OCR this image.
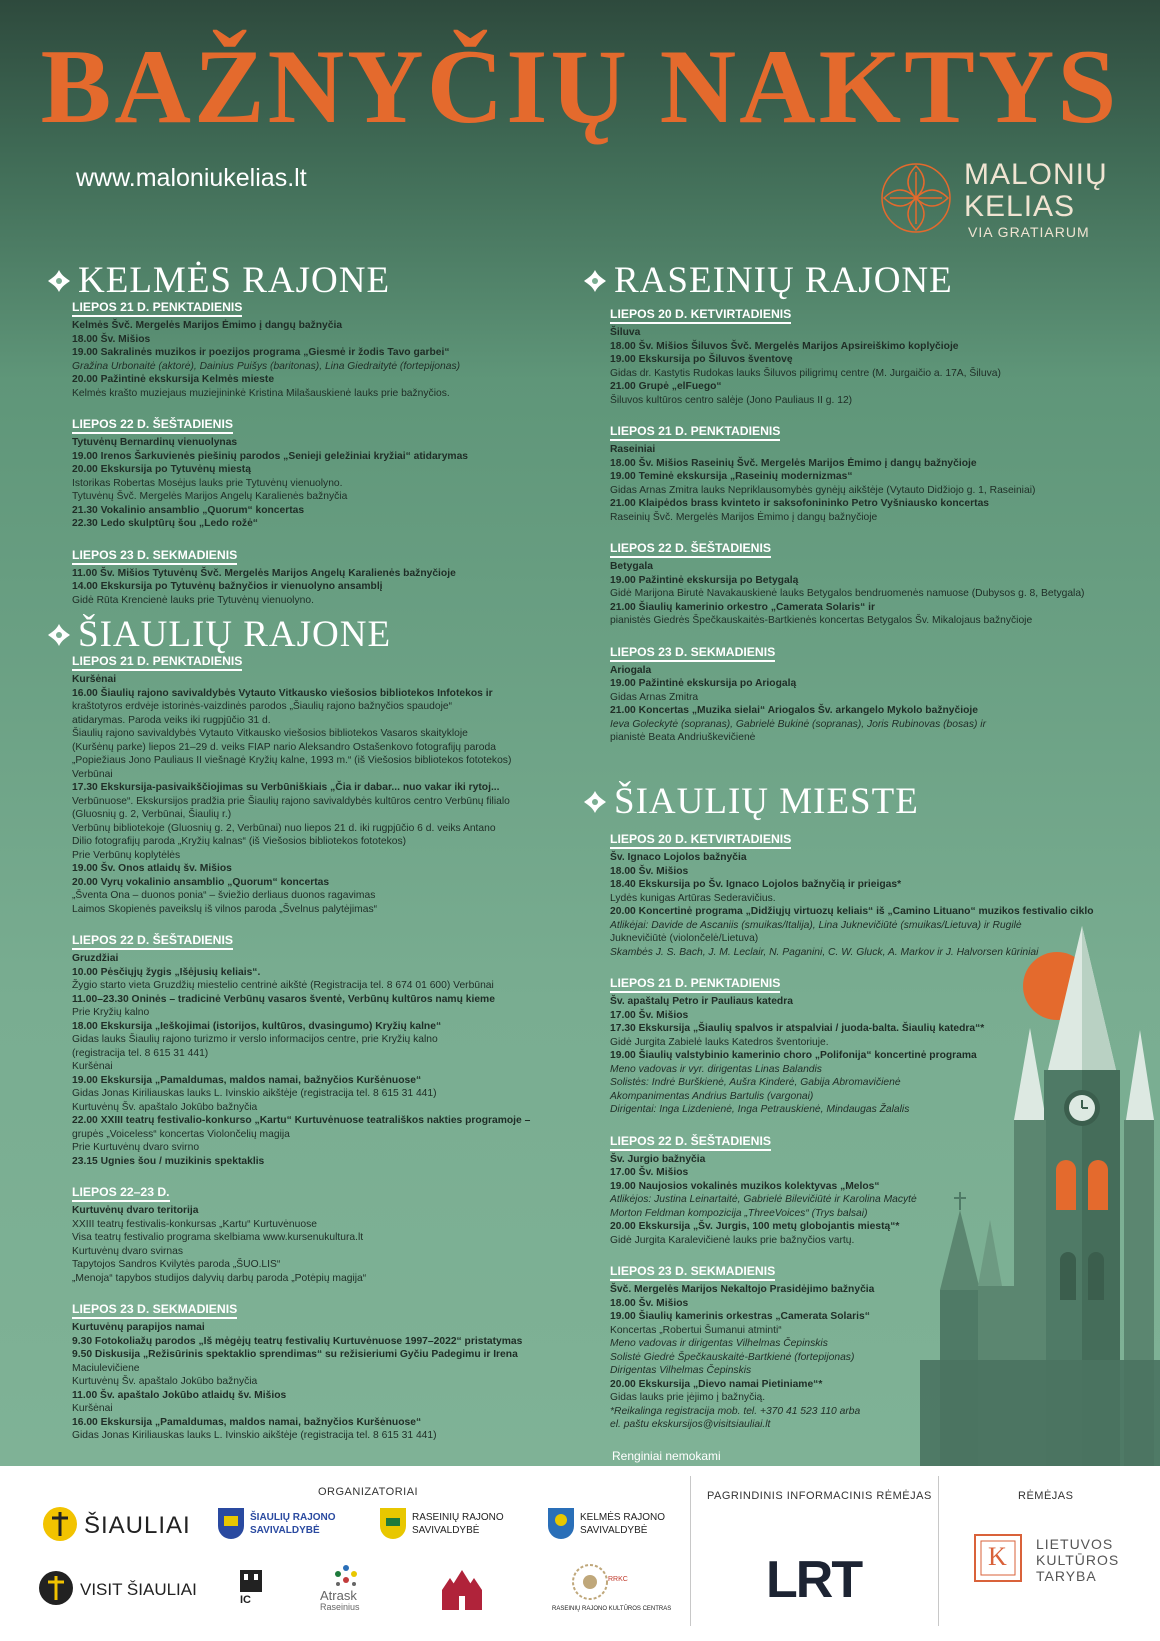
BAŽNYČIŲ NAKTYS
www.maloniukelias.lt	MALONIŲ
KELIAS
VIA GRATIARUM
KELMĖS RAJONE
ŠIAULIŲ RAJONE
RASEINIŲ RAJONE
ŠIAULIŲ MIESTE
LIEPOS 21 D. PENKTADIENIS
Kelmės Švč. Mergelės Marijos Ėmimo į dangų bažnyčia
18.00 Šv. Mišios
19.00 Sakralinės muzikos ir poezijos programa „Giesmė ir žodis Tavo garbei“
Gražina Urbonaitė (aktorė), Dainius Puišys (baritonas), Lina Giedraitytė (fortepijonas)
20.00 Pažintinė ekskursija Kelmės mieste
Kelmės krašto muziejaus muziejininkė Kristina Milašauskienė lauks prie bažnyčios.
LIEPOS 22 D. ŠEŠTADIENIS
Tytuvėnų Bernardinų vienuolynas
19.00 Irenos Šarkuvienės piešinių parodos „Senieji geležiniai kryžiai“ atidarymas
20.00 Ekskursija po Tytuvėnų miestą
Istorikas Robertas Mosėjus lauks prie Tytuvėnų vienuolyno.
Tytuvėnų Švč. Mergelės Marijos Angelų Karalienės bažnyčia
21.30 Vokalinio ansamblio „Quorum“ koncertas
22.30 Ledo skulptūrų šou „Ledo rožė“
LIEPOS 23 D. SEKMADIENIS
11.00 Šv. Mišios Tytuvėnų Švč. Mergelės Marijos Angelų Karalienės bažnyčioje
14.00 Ekskursija po Tytuvėnų bažnyčios ir vienuolyno ansamblį
Gidė Rūta Krencienė lauks prie Tytuvėnų vienuolyno.
LIEPOS 21 D. PENKTADIENIS
Kuršėnai
16.00 Šiaulių rajono savivaldybės Vytauto Vitkausko viešosios bibliotekos Infotekos ir
kraštotyros erdvėje istorinės-vaizdinės parodos „Šiaulių rajono bažnyčios spaudoje“
atidarymas. Paroda veiks iki rugpjūčio 31 d.
Šiaulių rajono savivaldybės Vytauto Vitkausko viešosios bibliotekos Vasaros skaitykloje
(Kuršėnų parke) liepos 21–29 d. veiks FIAP nario Aleksandro Ostašenkovo fotografijų paroda
„Popiežiaus Jono Pauliaus II viešnagė Kryžių kalne, 1993 m.“ (iš Viešosios bibliotekos fototekos)
Verbūnai
17.30 Ekskursija-pasivaikščiojimas su Verbūniškiais „Čia ir dabar... nuo vakar iki rytoj...
Verbūnuose“. Ekskursijos pradžia prie Šiaulių rajono savivaldybės kultūros centro Verbūnų filialo
(Gluosnių g. 2, Verbūnai, Šiaulių r.)
Verbūnų bibliotekoje (Gluosnių g. 2, Verbūnai) nuo liepos 21 d. iki rugpjūčio 6 d. veiks Antano
Dilio fotografijų paroda „Kryžių kalnas“ (iš Viešosios bibliotekos fototekos)
Prie Verbūnų koplytėlės
19.00 Šv. Onos atlaidų šv. Mišios
20.00 Vyrų vokalinio ansamblio „Quorum“ koncertas
„Šventa Ona – duonos ponia“ – šviežio derliaus duonos ragavimas
Laimos Skopienės paveikslų iš vilnos paroda „Švelnus palytėjimas“
LIEPOS 22 D. ŠEŠTADIENIS
Gruzdžiai
10.00 Pėsčiųjų žygis „Išėjusių keliais“.
Žygio starto vieta Gruzdžių miestelio centrinė aikštė (Registracija tel. 8 674 01 600) Verbūnai
11.00–23.30 Oninės – tradicinė Verbūnų vasaros šventė, Verbūnų kultūros namų kieme
Prie Kryžių kalno
18.00 Ekskursija „Ieškojimai (istorijos, kultūros, dvasingumo) Kryžių kalne“
Gidas lauks Šiaulių rajono turizmo ir verslo informacijos centre, prie Kryžių kalno
(registracija tel. 8 615 31 441)
Kuršėnai
19.00 Ekskursija „Pamaldumas, maldos namai, bažnyčios Kuršėnuose“
Gidas Jonas Kiriliauskas lauks L. Ivinskio aikštėje (registracija tel. 8 615 31 441)
Kurtuvėnų Šv. apaštalo Jokūbo bažnyčia
22.00 XXIII teatrų festivalio-konkurso „Kartu“ Kurtuvėnuose teatrališkos nakties programoje –
grupės „Voiceless“ koncertas Violončelių magija
Prie Kurtuvėnų dvaro svirno
23.15 Ugnies šou / muzikinis spektaklis
LIEPOS 22–23 D.
Kurtuvėnų dvaro teritorija
XXIII teatrų festivalis-konkursas „Kartu“ Kurtuvėnuose
Visa teatrų festivalio programa skelbiama www.kursenukultura.lt
Kurtuvėnų dvaro svirnas
Tapytojos Sandros Kvilytės paroda „ŠUO.LIS“
„Menoja“ tapybos studijos dalyvių darbų paroda „Potėpių magija“
LIEPOS 23 D. SEKMADIENIS
Kurtuvėnų parapijos namai
9.30 Fotokoliažų parodos „Iš mėgėjų teatrų festivalių Kurtuvėnuose 1997–2022“ pristatymas
9.50 Diskusija „Režisūrinis spektaklio sprendimas“ su režisieriumi Gyčiu Padegimu ir Irena
Maciulevičiene
Kurtuvėnų Šv. apaštalo Jokūbo bažnyčia
11.00 Šv. apaštalo Jokūbo atlaidų šv. Mišios
Kuršėnai
16.00 Ekskursija „Pamaldumas, maldos namai, bažnyčios Kuršėnuose“
Gidas Jonas Kiriliauskas lauks L. Ivinskio aikštėje (registracija tel. 8 615 31 441)
LIEPOS 20 D. KETVIRTADIENIS
Šiluva
18.00 Šv. Mišios Šiluvos Švč. Mergelės Marijos Apsireiškimo koplyčioje
19.00 Ekskursija po Šiluvos šventovę
Gidas dr. Kastytis Rudokas lauks Šiluvos piligrimų centre (M. Jurgaičio a. 17A, Šiluva)
21.00 Grupė „elFuego“
Šiluvos kultūros centro salėje (Jono Pauliaus II g. 12)
LIEPOS 21 D. PENKTADIENIS
Raseiniai
18.00 Šv. Mišios Raseinių Švč. Mergelės Marijos Ėmimo į dangų bažnyčioje
19.00 Teminė ekskursija „Raseinių modernizmas“
Gidas Arnas Zmitra lauks Nepriklausomybės gynėjų aikštėje (Vytauto Didžiojo g. 1, Raseiniai)
21.00 Klaipėdos brass kvinteto ir saksofonininko Petro Vyšniausko koncertas
Raseinių Švč. Mergelės Marijos Ėmimo į dangų bažnyčioje
LIEPOS 22 D. ŠEŠTADIENIS
Betygala
19.00 Pažintinė ekskursija po Betygalą
Gidė Marijona Birutė Navakauskienė lauks Betygalos bendruomenės namuose (Dubysos g. 8, Betygala)
21.00 Šiaulių kamerinio orkestro „Camerata Solaris“ ir
pianistės Giedrės Špečkauskaitės-Bartkienės koncertas Betygalos Šv. Mikalojaus bažnyčioje
LIEPOS 23 D. SEKMADIENIS
Ariogala
19.00 Pažintinė ekskursija po Ariogalą
Gidas Arnas Zmitra
21.00 Koncertas „Muzika sielai“ Ariogalos Šv. arkangelo Mykolo bažnyčioje
Ieva Goleckytė (sopranas), Gabrielė Bukinė (sopranas), Joris Rubinovas (bosas) ir
pianistė Beata Andriuškevičienė
LIEPOS 20 D. KETVIRTADIENIS
Šv. Ignaco Lojolos bažnyčia
18.00 Šv. Mišios
18.40 Ekskursija po Šv. Ignaco Lojolos bažnyčią ir prieigas*
Lydės kunigas Artūras Sederavičius.
20.00 Koncertinė programa „Didžiųjų virtuozų keliais“ iš „Camino Lituano“ muzikos festivalio ciklo
Atlikėjai: Davide de Ascaniis (smuikas/Italija), Lina Juknevičiūtė (smuikas/Lietuva) ir Rugilė
Juknevičiūtė (violončelė/Lietuva)
Skambės J. S. Bach, J. M. Leclair, N. Paganini, C. W. Gluck, A. Markov ir J. Halvorsen kūriniai
LIEPOS 21 D. PENKTADIENIS
Šv. apaštalų Petro ir Pauliaus katedra
17.00 Šv. Mišios
17.30 Ekskursija „Šiaulių spalvos ir atspalviai / juoda-balta. Šiaulių katedra“*
Gidė Jurgita Zabielė lauks Katedros šventoriuje.
19.00 Šiaulių valstybinio kamerinio choro „Polifonija“ koncertinė programa
Meno vadovas ir vyr. dirigentas Linas Balandis
Solistės: Indrė Burškienė, Aušra Kinderė, Gabija Abromavičienė
Akompanimentas Andrius Bartulis (vargonai)
Dirigentai: Inga Lizdenienė, Inga Petrauskienė, Mindaugas Žalalis
LIEPOS 22 D. ŠEŠTADIENIS
Šv. Jurgio bažnyčia
17.00 Šv. Mišios
19.00 Naujosios vokalinės muzikos kolektyvas „Melos“
Atlikėjos: Justina Leinartaitė, Gabrielė Bilevičiūtė ir Karolina Macytė
Morton Feldman kompozicija „ThreeVoices“ (Trys balsai)
20.00 Ekskursija „Šv. Jurgis, 100 metų globojantis miestą“*
Gidė Jurgita Karalevičienė lauks prie bažnyčios vartų.
LIEPOS 23 D. SEKMADIENIS
Švč. Mergelės Marijos Nekaltojo Prasidėjimo bažnyčia
18.00 Šv. Mišios
19.00 Šiaulių kamerinis orkestras „Camerata Solaris“
Koncertas „Robertui Šumanui atminti“
Meno vadovas ir dirigentas Vilhelmas Čepinskis
Solistė Giedrė Špečkauskaitė-Bartkienė (fortepijonas)
Dirigentas Vilhelmas Čepinskis
20.00 Ekskursija „Dievo namai Pietiniame“*
Gidas lauks prie įėjimo į bažnyčią.
*Reikalinga registracija mob. tel. +370 41 523 110 arba
el. paštu ekskursijos@visitsiauliai.lt
Renginiai nemokami
ORGANIZATORIAI	PAGRINDINIS INFORMACINIS RĖMĖJAS	RĖMĖJAS
ŠIAULIAI	ŠIAULIŲ RAJONO
SAVIVALDYBĖ
RASEINIŲ RAJONO
SAVIVALDYBĖ
KELMĖS RAJONO
SAVIVALDYBĖ
VISIT ŠIAULIAI
IC	Atrask
Raseinius
RRKC
RASEINIŲ RAJONO KULTŪROS CENTRAS LRT	K LIETUVOS
KULTŪROS
TARYBA
